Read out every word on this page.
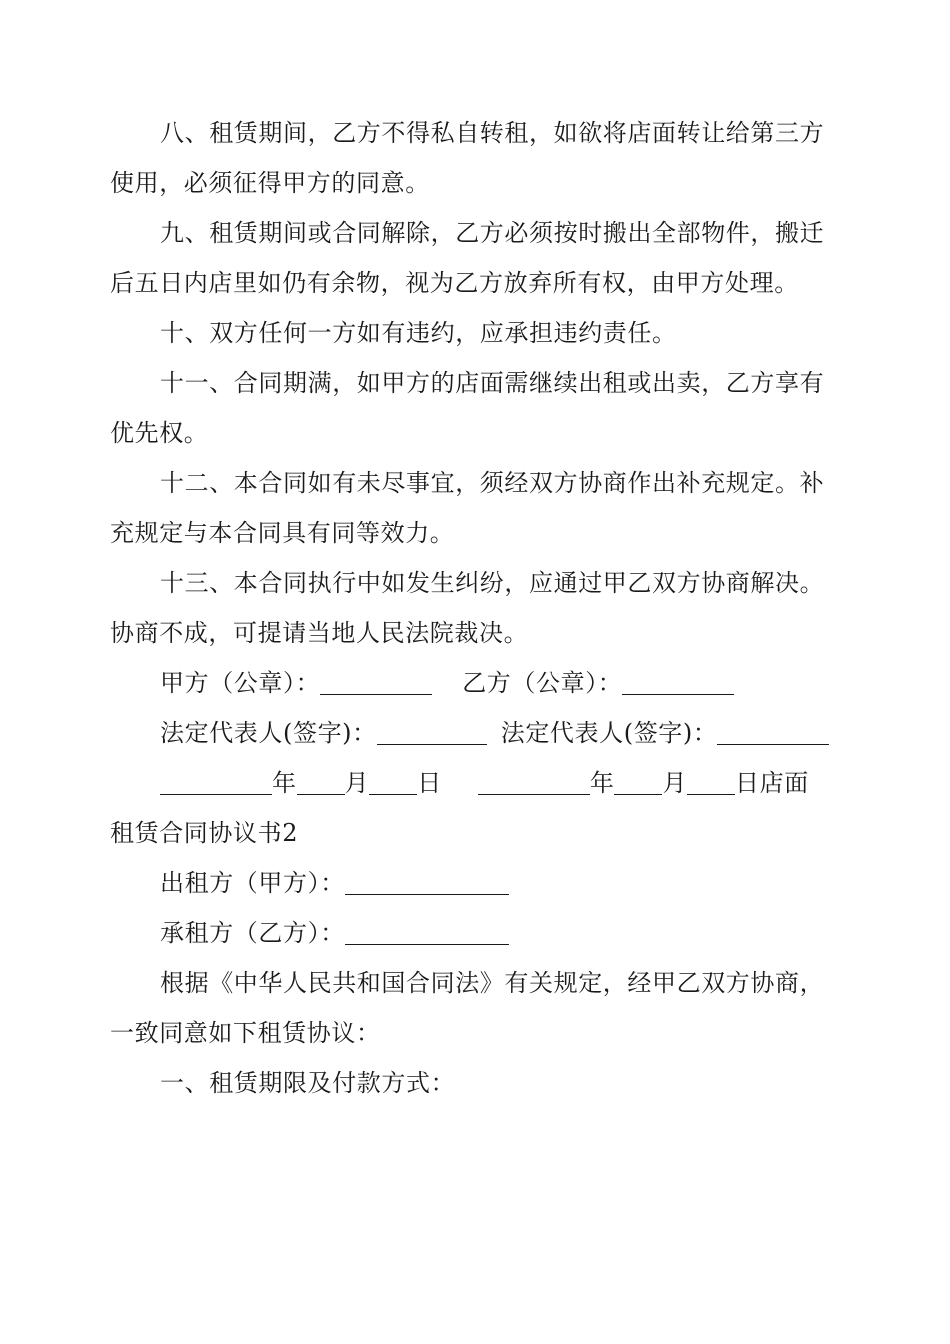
八、租赁期间，乙方不得私自转租，如欲将店面转让给第三方
使用，必须征得甲方的同意。
九、租赁期间或合同解除，乙方必须按时搬出全部物件，搬迁
后五日内店里如仍有余物，视为乙方放弃所有权，由甲方处理。
十、双方任何一方如有违约，应承担违约责任。
十一、合同期满，如甲方的店面需继续出租或出卖，乙方享有
优先权。
十二、本合同如有未尽事宜，须经双方协商作出补充规定。补
充规定与本合同具有同等效力。
十三、本合同执行中如发生纠纷，应通过甲乙双方协商解决。
协商不成，可提请当地人民法院裁决。
甲方（公章）：	乙方（公章）：
法定代表人(签字)：	法定代表人(签字)：
年 月 日	年 月 日店面
租赁合同协议书2
出租方（甲方）：
承租方（乙方）：
根据《中华人民共和国合同法》有关规定，经甲乙双方协商，
一致同意如下租赁协议：
一、租赁期限及付款方式：
